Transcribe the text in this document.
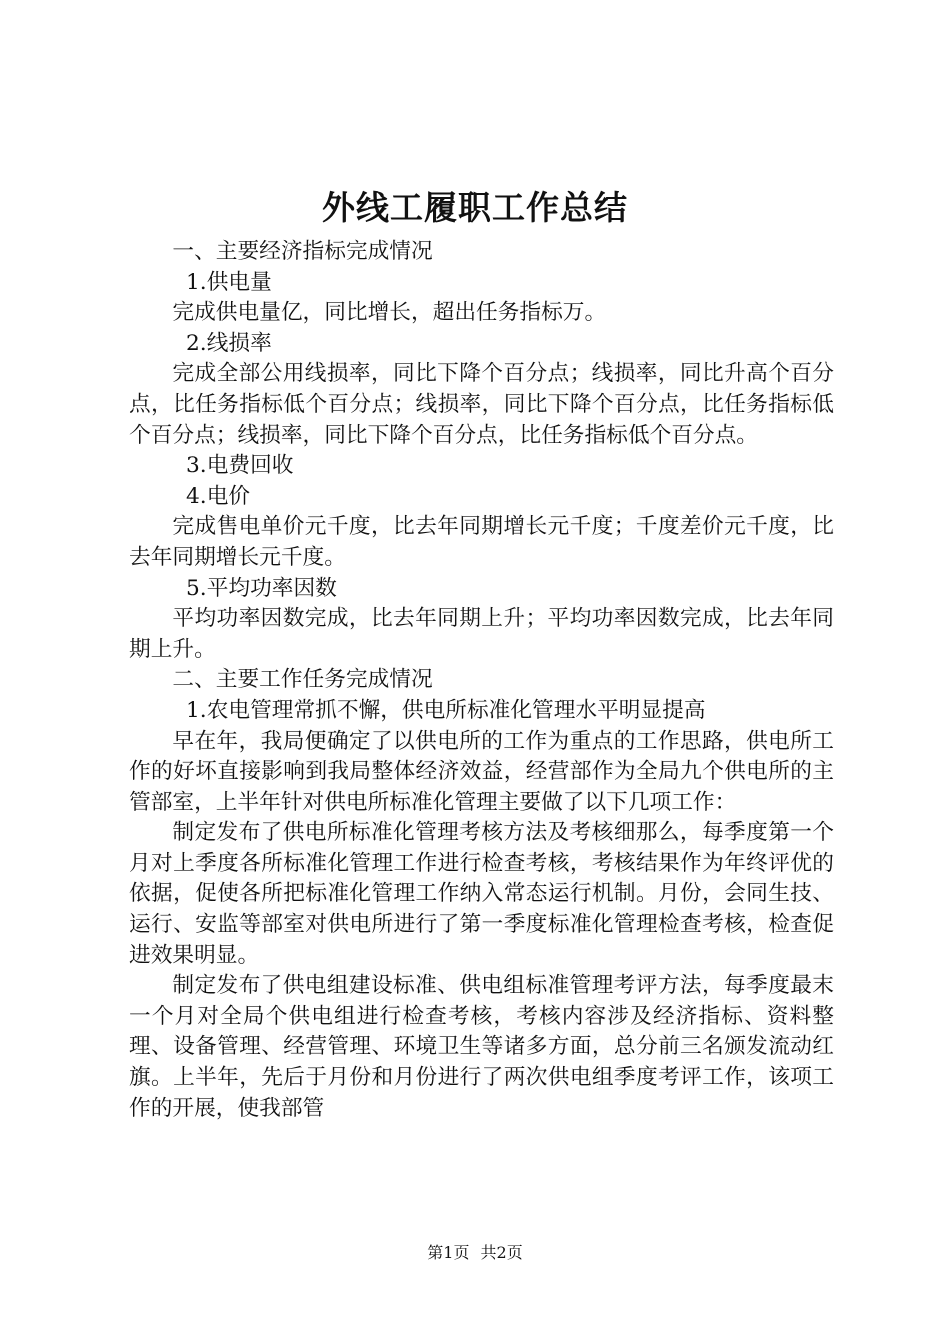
外线工履职工作总结

一、主要经济指标完成情况

1.供电量

完成供电量亿，同比增长，超出任务指标万。

2.线损率

完成全部公用线损率，同比下降个百分点；线损率，同比升高个百分点，比任务指标低个百分点；线损率，同比下降个百分点，比任务指标低个百分点；线损率，同比下降个百分点，比任务指标低个百分点。

3.电费回收

4.电价

完成售电单价元千度，比去年同期增长元千度；千度差价元千度，比去年同期增长元千度。

5.平均功率因数

平均功率因数完成，比去年同期上升；平均功率因数完成，比去年同期上升。

二、主要工作任务完成情况

1.农电管理常抓不懈，供电所标准化管理水平明显提高

早在年，我局便确定了以供电所的工作为重点的工作思路，供电所工作的好坏直接影响到我局整体经济效益，经营部作为全局九个供电所的主管部室，上半年针对供电所标准化管理主要做了以下几项工作：

制定发布了供电所标准化管理考核方法及考核细那么，每季度第一个月对上季度各所标准化管理工作进行检查考核，考核结果作为年终评优的依据，促使各所把标准化管理工作纳入常态运行机制。月份，会同生技、运行、安监等部室对供电所进行了第一季度标准化管理检查考核，检查促进效果明显。

制定发布了供电组建设标准、供电组标准管理考评方法，每季度最末一个月对全局个供电组进行检查考核，考核内容涉及经济指标、资料整理、设备管理、经营管理、环境卫生等诸多方面，总分前三名颁发流动红旗。上半年，先后于月份和月份进行了两次供电组季度考评工作，该项工作的开展，使我部管

第1页 共2页
